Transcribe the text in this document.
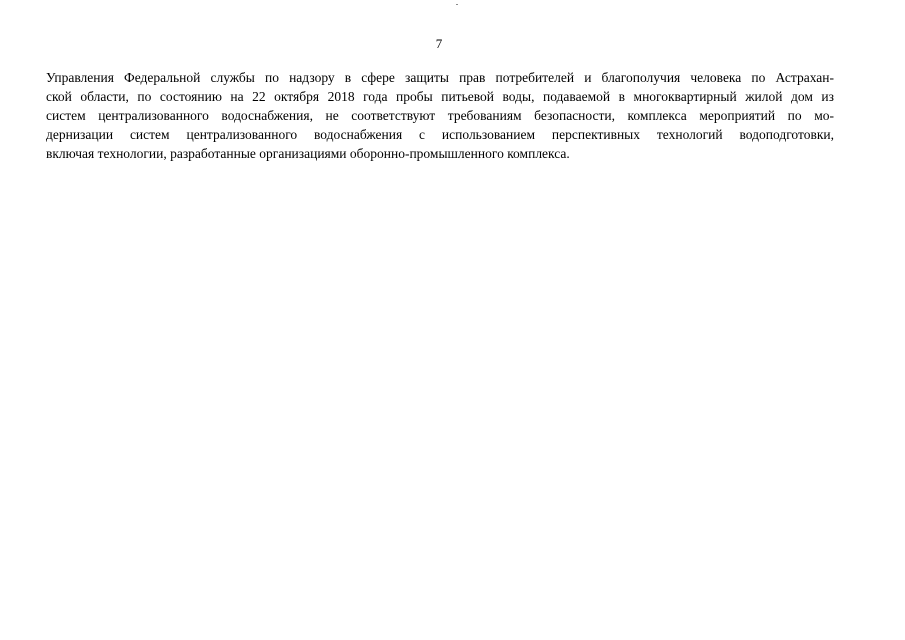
7
Управления Федеральной службы по надзору в сфере защиты прав потребителей и благополучия человека по Астрахан-
ской области, по состоянию на 22 октября 2018 года пробы питьевой воды, подаваемой в многоквартирный жилой дом из
систем централизованного водоснабжения, не соответствуют требованиям безопасности, комплекса мероприятий по мо-
дернизации систем централизованного водоснабжения с использованием перспективных технологий водоподготовки,
включая технологии, разработанные организациями оборонно-промышленного комплекса.
